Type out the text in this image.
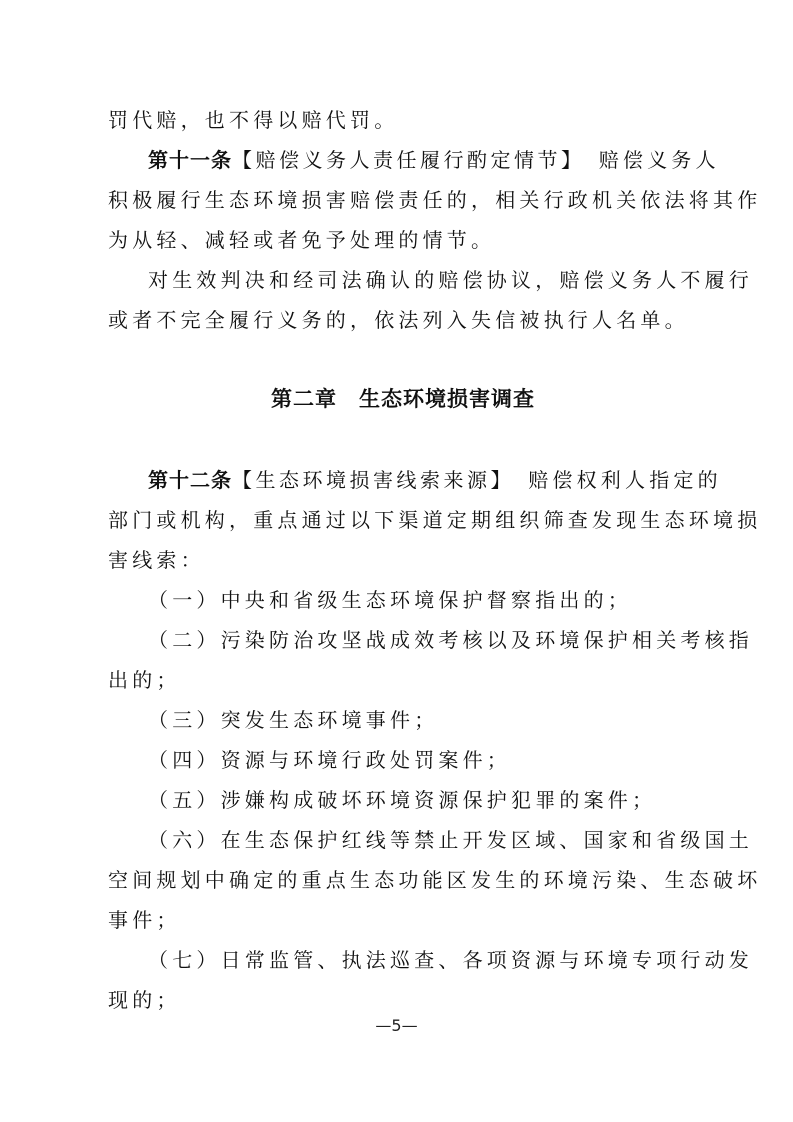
罚代赔，也不得以赔代罚。
第十一条【赔偿义务人责任履行酌定情节】　赔偿义务人
积极履行生态环境损害赔偿责任的，相关行政机关依法将其作
为从轻、减轻或者免予处理的情节。
对生效判决和经司法确认的赔偿协议，赔偿义务人不履行
或者不完全履行义务的，依法列入失信被执行人名单。
第二章　生态环境损害调查
第十二条【生态环境损害线索来源】　赔偿权利人指定的
部门或机构，重点通过以下渠道定期组织筛查发现生态环境损
害线索：
（一）中央和省级生态环境保护督察指出的；
（二）污染防治攻坚战成效考核以及环境保护相关考核指
出的；
（三）突发生态环境事件；
（四）资源与环境行政处罚案件；
（五）涉嫌构成破坏环境资源保护犯罪的案件；
（六）在生态保护红线等禁止开发区域、国家和省级国土
空间规划中确定的重点生态功能区发生的环境污染、生态破坏
事件；
（七）日常监管、执法巡查、各项资源与环境专项行动发
现的；
—5—
